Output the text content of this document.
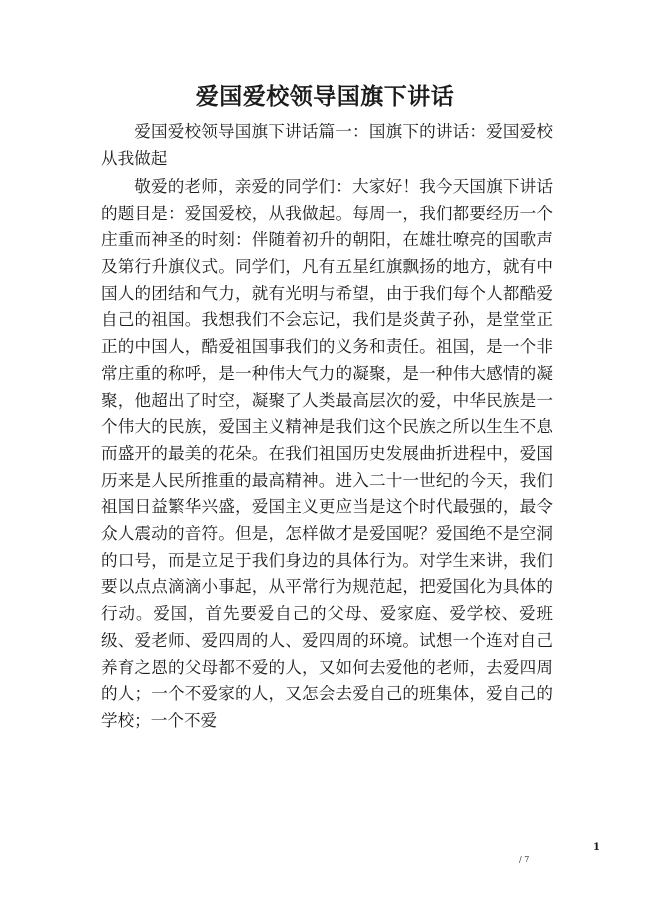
爱国爱校领导国旗下讲话

爱国爱校领导国旗下讲话篇一：国旗下的讲话：爱国爱校 从我做起

敬爱的老师，亲爱的同学们：大家好！我今天国旗下讲话的题目是：爱国爱校，从我做起。每周一，我们都要经历一个庄重而神圣的时刻：伴随着初升的朝阳，在雄壮嘹亮的国歌声及第行升旗仪式。同学们，凡有五星红旗飘扬的地方，就有中国人的团结和气力，就有光明与希望，由于我们每个人都酷爱自己的祖国。我想我们不会忘记，我们是炎黄子孙，是堂堂正正的中国人，酷爱祖国事我们的义务和责任。祖国，是一个非常庄重的称呼，是一种伟大气力的凝聚，是一种伟大感情的凝聚，他超出了时空，凝聚了人类最高层次的爱，中华民族是一个伟大的民族，爱国主义精神是我们这个民族之所以生生不息而盛开的最美的花朵。在我们祖国历史发展曲折进程中，爱国历来是人民所推重的最高精神。进入二十一世纪的今天，我们祖国日益繁华兴盛，爱国主义更应当是这个时代最强的，最令众人震动的音符。但是，怎样做才是爱国呢？爱国绝不是空洞的口号，而是立足于我们身边的具体行为。对学生来讲，我们要以点点滴滴小事起，从平常行为规范起，把爱国化为具体的行动。爱国，首先要爱自己的父母、爱家庭、爱学校、爱班级、爱老师、爱四周的人、爱四周的环境。试想一个连对自己养育之恩的父母都不爱的人，又如何去爱他的老师，去爱四周的人；一个不爱家的人，又怎会去爱自己的班集体，爱自己的学校；一个不爱

1
/ 7
